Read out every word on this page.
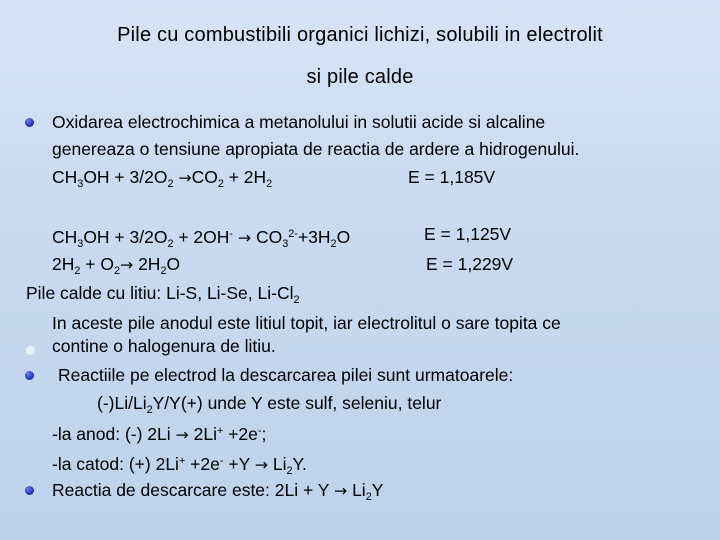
Pile cu combustibili organici lichizi, solubili in electrolit
si pile calde
Oxidarea electrochimica a metanolului in solutii acide si alcaline
genereaza o tensiune apropiata de reactia de ardere a hidrogenului.
$CH_3OH + 3/2O_2 \to CO_2 + 2H_2$	E = 1,185V
$CH_3OH + 3/2O_2 + 2OH^- \to CO_3^{2-}+3H_2O$	E = 1,125V
$2H_2 + O_2\to 2H_2O$	E = 1,229V
Pile calde cu litiu: Li-S, Li-Se, $Li-Cl_2$
In aceste pile anodul este litiul topit, iar electrolitul o sare topita ce
contine o halogenura de litiu.
Reactiile pe electrod la descarcarea pilei sunt urmatoarele:
$(-)Li/Li_2Y/Y(+)$ unde Y este sulf, seleniu, telur
-la anod: (-) 2Li → 2Li+ +2e-;
-la catod: (+) $2Li^+ +2e^- +Y \to Li_2Y$.
Reactia de descarcare este: $2Li + Y \to Li_2Y$
